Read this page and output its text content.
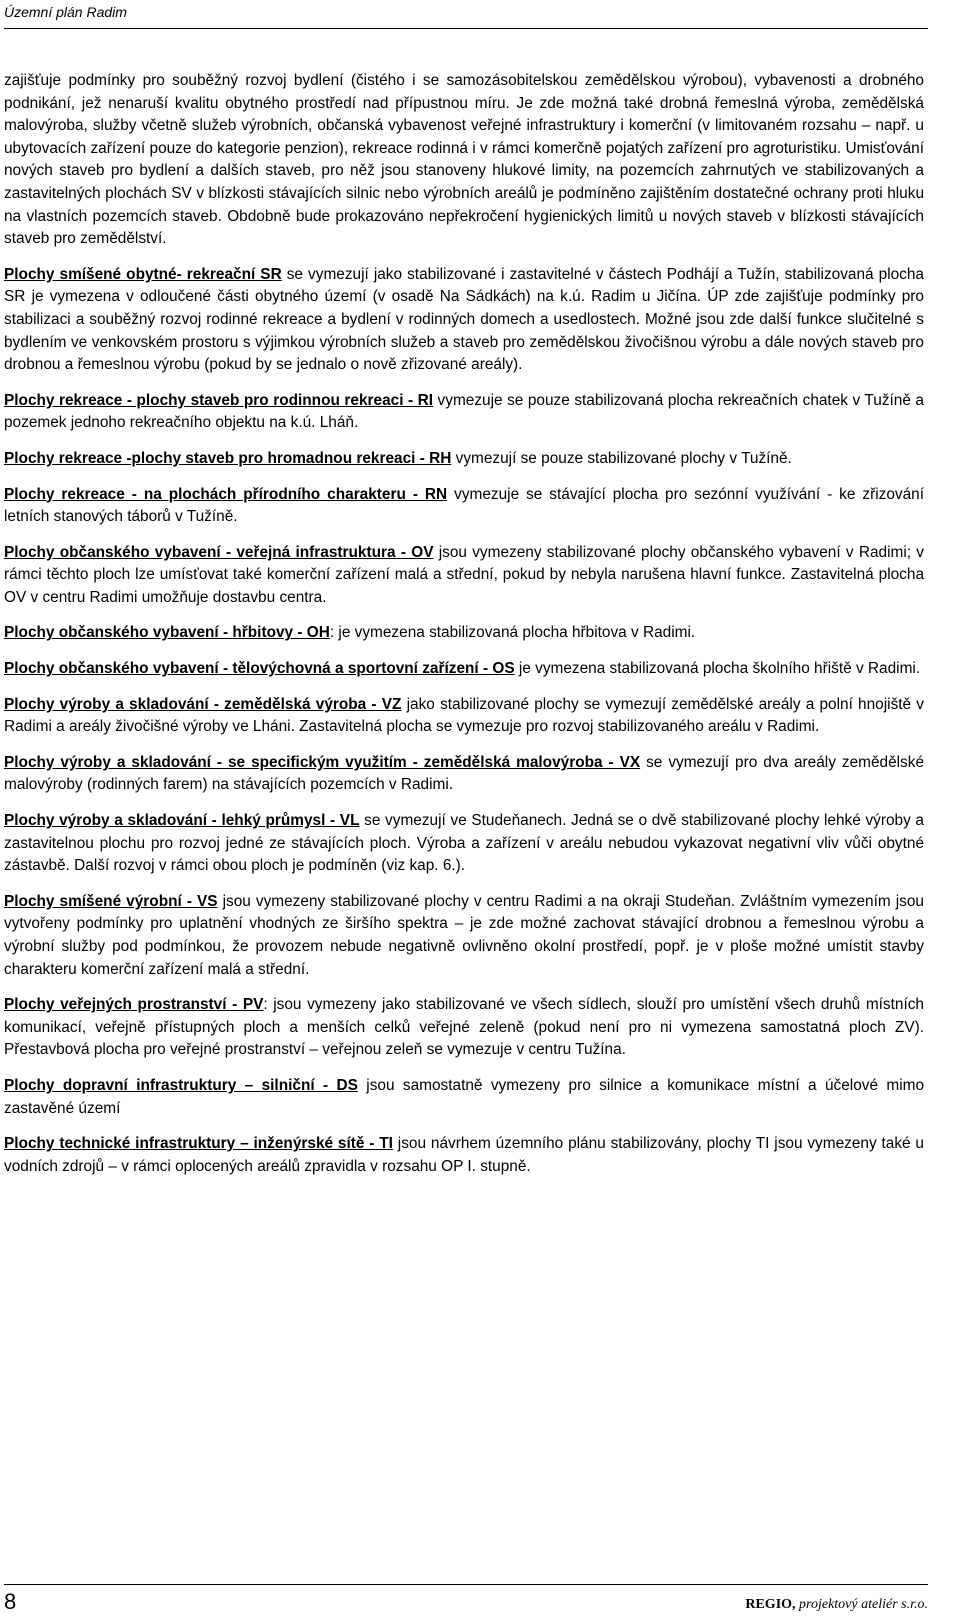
Územní plán Radim

zajišťuje podmínky pro souběžný rozvoj bydlení (čistého i se samozásobitelskou zemědělskou výrobou), vybavenosti a drobného podnikání, jež nenaruší kvalitu obytného prostředí nad přípustnou míru. Je zde možná také drobná řemeslná výroba, zemědělská malovýroba, služby včetně služeb výrobních, občanská vybavenost veřejné infrastruktury i komerční (v limitovaném rozsahu – např. u ubytovacích zařízení pouze do kategorie penzion), rekreace rodinná i v rámci komerčně pojatých zařízení pro agroturistiku. Umisťování nových staveb pro bydlení a dalších staveb, pro něž jsou stanoveny hlukové limity, na pozemcích zahrnutých ve stabilizovaných a zastavitelných plochách SV v blízkosti stávajících silnic nebo výrobních areálů je podmíněno zajištěním dostatečné ochrany proti hluku na vlastních pozemcích staveb. Obdobně bude prokazováno nepřekročení hygienických limitů u nových staveb v blízkosti stávajících staveb pro zemědělství.

Plochy smíšené obytné- rekreační SR se vymezují jako stabilizované i zastavitelné v částech Podhájí a Tužín, stabilizovaná plocha SR je vymezena v odloučené části obytného území (v osadě Na Sádkách) na k.ú. Radim u Jičína. ÚP zde zajišťuje podmínky pro stabilizaci a souběžný rozvoj rodinné rekreace a bydlení v rodinných domech a usedlostech. Možné jsou zde další funkce slučitelné s bydlením ve venkovském prostoru s výjimkou výrobních služeb a staveb pro zemědělskou živočišnou výrobu a dále nových staveb pro drobnou a řemeslnou výrobu (pokud by se jednalo o nově zřizované areály).

Plochy rekreace - plochy staveb pro rodinnou rekreaci - RI vymezuje se pouze stabilizovaná plocha rekreačních chatek v Tužíně a pozemek jednoho rekreačního objektu na k.ú. Lháň.

Plochy rekreace -plochy staveb pro hromadnou rekreaci - RH vymezují se pouze stabilizované plochy v Tužíně.

Plochy rekreace - na plochách přírodního charakteru - RN vymezuje se stávající plocha pro sezónní využívání - ke zřizování letních stanových táborů v Tužíně.

Plochy občanského vybavení - veřejná infrastruktura - OV jsou vymezeny stabilizované plochy občanského vybavení v Radimi; v rámci těchto ploch lze umísťovat také komerční zařízení malá a střední, pokud by nebyla narušena hlavní funkce. Zastavitelná plocha OV v centru Radimi umožňuje dostavbu centra.

Plochy občanského vybavení - hřbitovy - OH: je vymezena stabilizovaná plocha hřbitova v Radimi.

Plochy občanského vybavení - tělovýchovná a sportovní zařízení - OS je vymezena stabilizovaná plocha školního hřiště v Radimi.

Plochy výroby a skladování - zemědělská výroba - VZ jako stabilizované plochy se vymezují zemědělské areály a polní hnojiště v Radimi a areály živočišné výroby ve Lháni. Zastavitelná plocha se vymezuje pro rozvoj stabilizovaného areálu v Radimi.

Plochy výroby a skladování - se specifickým využitím - zemědělská malovýroba - VX se vymezují pro dva areály zemědělské malovýroby (rodinných farem) na stávajících pozemcích v Radimi.

Plochy výroby a skladování - lehký průmysl - VL se vymezují ve Studeňanech. Jedná se o dvě stabilizované plochy lehké výroby a zastavitelnou plochu pro rozvoj jedné ze stávajících ploch. Výroba a zařízení v areálu nebudou vykazovat negativní vliv vůči obytné zástavbě. Další rozvoj v rámci obou ploch je podmíněn (viz kap. 6.).

Plochy smíšené výrobní - VS jsou vymezeny stabilizované plochy v centru Radimi a na okraji Studeňan. Zvláštním vymezením jsou vytvořeny podmínky pro uplatnění vhodných ze širšího spektra – je zde možné zachovat stávající drobnou a řemeslnou výrobu a výrobní služby pod podmínkou, že provozem nebude negativně ovlivněno okolní prostředí, popř. je v ploše možné umístit stavby charakteru komerční zařízení malá a střední.

Plochy veřejných prostranství - PV: jsou vymezeny jako stabilizované ve všech sídlech, slouží pro umístění všech druhů místních komunikací, veřejně přístupných ploch a menších celků veřejné zeleně (pokud není pro ni vymezena samostatná ploch ZV). Přestavbová plocha pro veřejné prostranství – veřejnou zeleň se vymezuje v centru Tužína.

Plochy dopravní infrastruktury – silniční - DS jsou samostatně vymezeny pro silnice a komunikace místní a účelové mimo zastavěné území

Plochy technické infrastruktury – inženýrské sítě - TI jsou návrhem územního plánu stabilizovány, plochy TI jsou vymezeny také u vodních zdrojů – v rámci oplocených areálů zpravidla v rozsahu OP I. stupně.

8	REGIO, projektový ateliér s.r.o.
